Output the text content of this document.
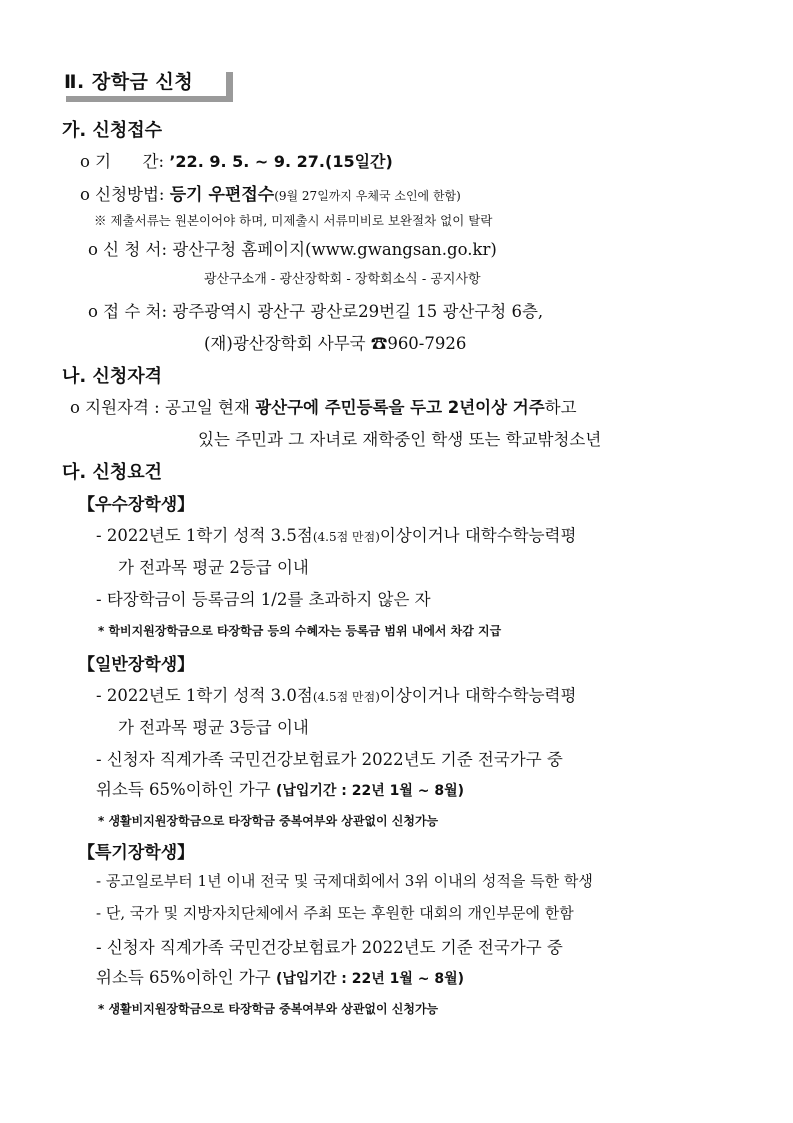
Ⅱ. 장학금 신청
가. 신청접수
o 기      간: ’22. 9. 5. ~ 9. 27.(15일간)
o 신청방법: 등기 우편접수(9월 27일까지 우체국 소인에 한함)
※ 제출서류는 원본이어야 하며, 미제출시 서류미비로 보완절차 없이 탈락
o 신 청 서: 광산구청 홈페이지(www.gwangsan.go.kr)
광산구소개 - 광산장학회 - 장학회소식 - 공지사항
o 접 수 처: 광주광역시 광산구 광산로29번길 15 광산구청 6층,
(재)광산장학회 사무국 ☎960-7926
나. 신청자격
o 지원자격 : 공고일 현재 광산구에 주민등록을 두고 2년이상 거주하고
있는 주민과 그 자녀로 재학중인 학생 또는 학교밖청소년
다. 신청요건
【우수장학생】
- 2022년도 1학기 성적 3.5점(4.5점 만점)이상이거나 대학수학능력평
가 전과목 평균 2등급 이내
- 타장학금이 등록금의 1/2를 초과하지 않은 자
* 학비지원장학금으로 타장학금 등의 수혜자는 등록금 범위 내에서 차감 지급
【일반장학생】
- 2022년도 1학기 성적 3.0점(4.5점 만점)이상이거나 대학수학능력평
가 전과목 평균 3등급 이내
- 신청자 직계가족 국민건강보험료가 2022년도 기준 전국가구 중
위소득 65%이하인 가구 (납입기간 : 22년 1월 ~ 8월)
* 생활비지원장학금으로 타장학금 중복여부와 상관없이 신청가능
【특기장학생】
- 공고일로부터 1년 이내 전국 및 국제대회에서 3위 이내의 성적을 득한 학생
- 단, 국가 및 지방자치단체에서 주최 또는 후원한 대회의 개인부문에 한함
- 신청자 직계가족 국민건강보험료가 2022년도 기준 전국가구 중
위소득 65%이하인 가구 (납입기간 : 22년 1월 ~ 8월)
* 생활비지원장학금으로 타장학금 중복여부와 상관없이 신청가능
